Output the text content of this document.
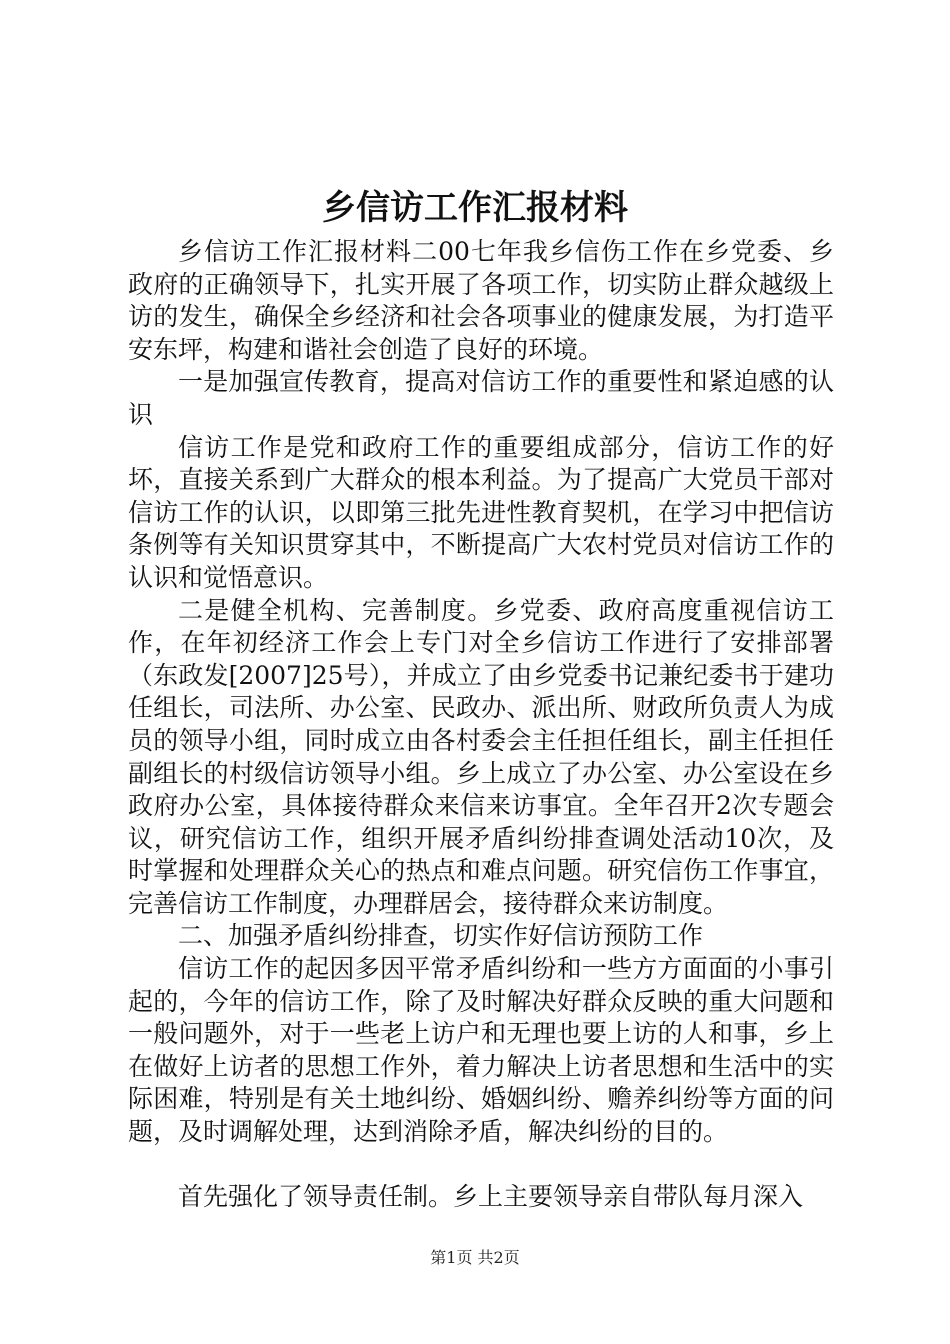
乡信访工作汇报材料

乡信访工作汇报材料二00七年我乡信伤工作在乡党委、乡政府的正确领导下，扎实开展了各项工作，切实防止群众越级上访的发生，确保全乡经济和社会各项事业的健康发展，为打造平安东坪，构建和谐社会创造了良好的环境。

一是加强宣传教育，提高对信访工作的重要性和紧迫感的认识

信访工作是党和政府工作的重要组成部分，信访工作的好坏，直接关系到广大群众的根本利益。为了提高广大党员干部对信访工作的认识，以即第三批先进性教育契机，在学习中把信访条例等有关知识贯穿其中，不断提高广大农村党员对信访工作的认识和觉悟意识。

二是健全机构、完善制度。乡党委、政府高度重视信访工作，在年初经济工作会上专门对全乡信访工作进行了安排部署（东政发[2007]25号），并成立了由乡党委书记兼纪委书于建功任组长，司法所、办公室、民政办、派出所、财政所负责人为成员的领导小组，同时成立由各村委会主任担任组长，副主任担任副组长的村级信访领导小组。乡上成立了办公室、办公室设在乡政府办公室，具体接待群众来信来访事宜。全年召开2次专题会议，研究信访工作，组织开展矛盾纠纷排查调处活动10次，及时掌握和处理群众关心的热点和难点问题。研究信伤工作事宜，完善信访工作制度，办理群居会，接待群众来访制度。

二、加强矛盾纠纷排查，切实作好信访预防工作

信访工作的起因多因平常矛盾纠纷和一些方方面面的小事引起的，今年的信访工作，除了及时解决好群众反映的重大问题和一般问题外，对于一些老上访户和无理也要上访的人和事，乡上在做好上访者的思想工作外，着力解决上访者思想和生活中的实际困难，特别是有关土地纠纷、婚姻纠纷、赡养纠纷等方面的问题，及时调解处理，达到消除矛盾，解决纠纷的目的。

首先强化了领导责任制。乡上主要领导亲自带队每月深入

第1页 共2页
